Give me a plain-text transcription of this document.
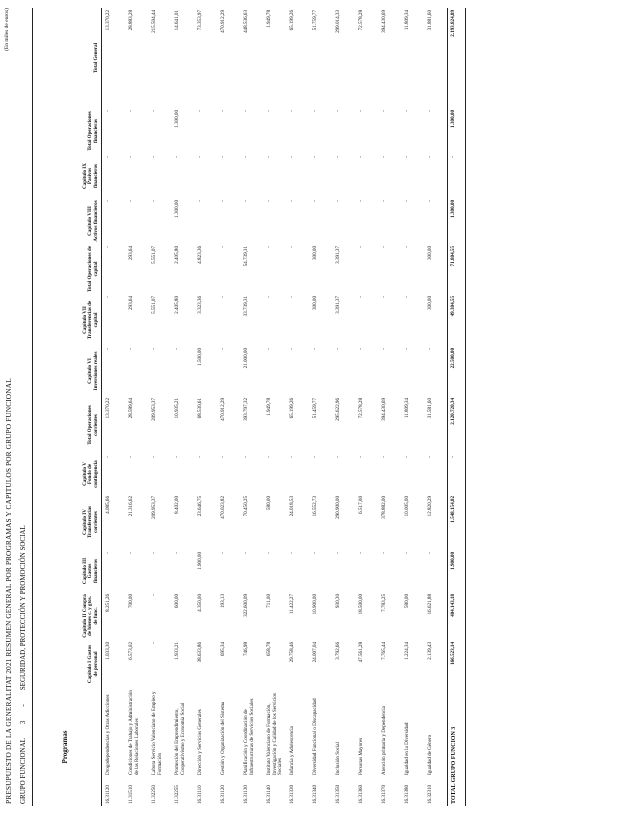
PRESUPUESTO DE LA GENERALITAT 2021 RESUMEN GENERAL POR PROGRAMAS Y CAPITULOS POR GRUPO FUNCIONAL
(En miles de euros)
GRUPO FUNCIONAL3-SEGURIDAD, PROTECCIÓN Y PROMOCIÓN SOCIAL
Programas		Capítulo I Gastos de personal	Capítulo II Compra de bienes c. y gtos. de func.	Capítulo III Gastos financieros	Capítulo IV Transferencias corrientes	Capítulo V Fondo de contingencia	Total Operaciones corrientes	Capítulo VI Inversiones reales	Capítulo VII Transferencias de capital	Total Operaciones de capital	Capítulo VIII Activos financieros	Capítulo IX Pasivos financieros	Total Operaciones financieras	Total General
16.31120	Drogodependencias y Otras Adicciones	1.033,30	8.251,26	-	4.085,66	-	13.370,22	-	-	-	-	-	-	13.370,22
11.31510	Condiciones de Trabajo y Administración de las Relaciones Laborales	6.573,02	700,00	-	21.316,62	-	28.589,64	-	293,64	293,64	-	-	-	28.883,28
11.32250	Labora Servicio Valenciano de Empleo y Formación	-	-	-	209.953,37	-	209.953,37	-	5.551,07	5.551,07	-	-	-	215.504,44
11.32255	Promoción del Emprendimiento, Cooperativismo y Economía Social	1.933,21	600,00	-	8.402,00	-	10.935,21	-	2.405,80	2.405,80	1.300,00	-	1.300,00	14.641,01
16.31110	Dirección y Servicios Generales	38.633,86	4.350,00	1.900,00	23.646,75	-	68.530,61	1.500,00	3.323,36	4.823,36	-	-	-	73.353,97
16.31120	Gestión y Organización del Sistema	695,34	193,13	-	470.023,82	-	470.912,29	-	-	-	-	-	-	470.912,29
16.31130	Planificación y Coordinación de Infraestructuras de Servicios Sociales	746,98	322.600,09	-	70.450,25	-	393.797,32	21.000,00	33.739,31	54.739,31	-	-	-	448.536,63
16.31140	Instituto Valenciano de Formación, Investigación y Calidad de los Servicios Sociales	658,78	711,00	-	580,00	-	1.949,78	-	-	-	-	-	-	1.949,78
16.31330	Infancia y Adolescencia	29.758,46	11.422,27	-	24.018,53	-	65.199,26	-	-	-	-	-	-	65.199,26
16.31340	Diversidad Funcional o Discapacidad	24.007,04	10.900,00	-	16.552,73	-	51.459,77	-	300,00	300,00	-	-	-	51.759,77
16.31350	Inclusión Social	3.792,66	930,30	-	290.900,00	-	295.622,96	-	3.391,37	3.391,37	-	-	-	299.014,33
16.31360	Personas Mayores	47.561,28	18.500,00	-	6.517,00	-	72.578,28	-	-	-	-	-	-	72.578,28
16.31370	Atención primaria y Dependencia	7.765,44	7.783,25	-	378.882,00	-	394.430,69	-	-	-	-	-	-	394.430,69
16.31380	Igualdad en la Diversidad	1.224,34	580,00	-	10.005,00	-	11.809,34	-	-	-	-	-	-	11.809,34
16.32310	Igualdad de Género	2.139,43	16.621,88	-	12.820,29	-	31.581,60	-	300,00	300,00	-	-	-	31.881,60
TOTAL GRUPO FUNCION 3		166.523,14	404.143,18	1.900,00	1.548.154,02	-	2.120.720,34	22.500,00	49.304,55	71.804,55	1.300,00	-	1.300,00	2.193.824,89
